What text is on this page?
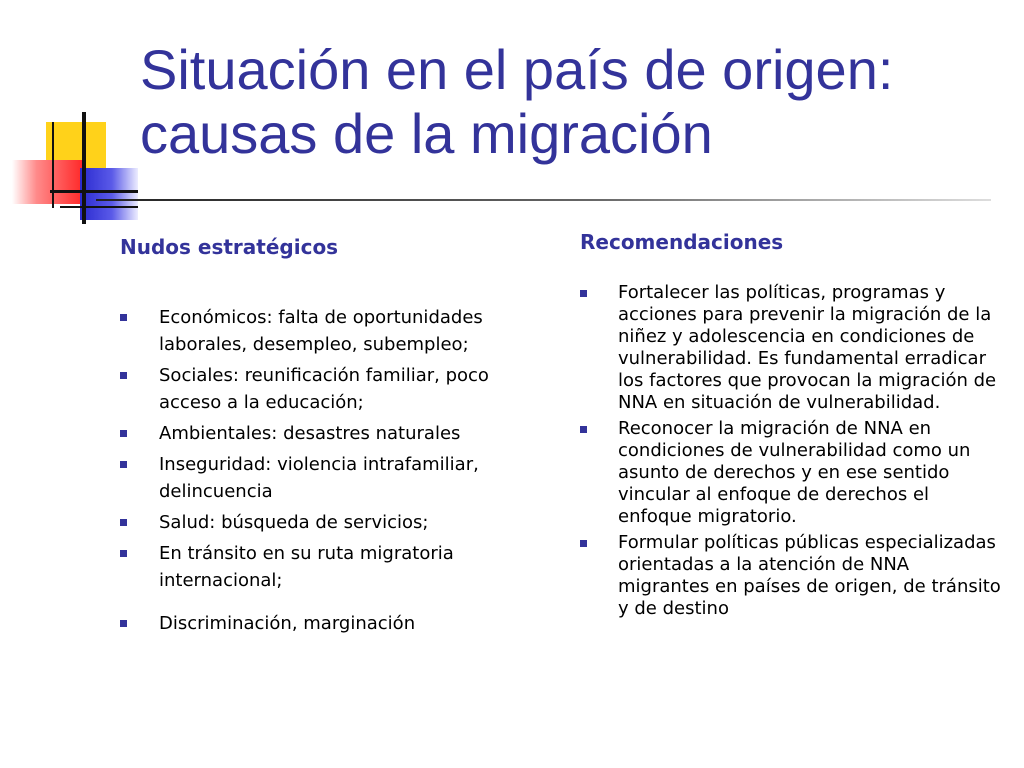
Situación en el país de origen:
causas de la migración
Nudos estratégicos
Económicos: falta de oportunidades laborales, desempleo, subempleo;
Sociales: reunificación familiar, poco acceso a la educación;
Ambientales: desastres naturales
Inseguridad: violencia intrafamiliar, delincuencia
Salud: búsqueda de servicios;
En tránsito en su ruta migratoria internacional;
Discriminación, marginación
Recomendaciones
Fortalecer las políticas, programas y acciones para prevenir la migración de la niñez y adolescencia en condiciones de vulnerabilidad. Es fundamental erradicar los factores que provocan la migración de NNA en situación de vulnerabilidad.
Reconocer la migración de NNA en condiciones de vulnerabilidad como un asunto de derechos y en ese sentido vincular al enfoque de derechos el enfoque migratorio.
Formular políticas públicas especializadas orientadas a la atención de NNA migrantes en países de origen, de tránsito y de destino
